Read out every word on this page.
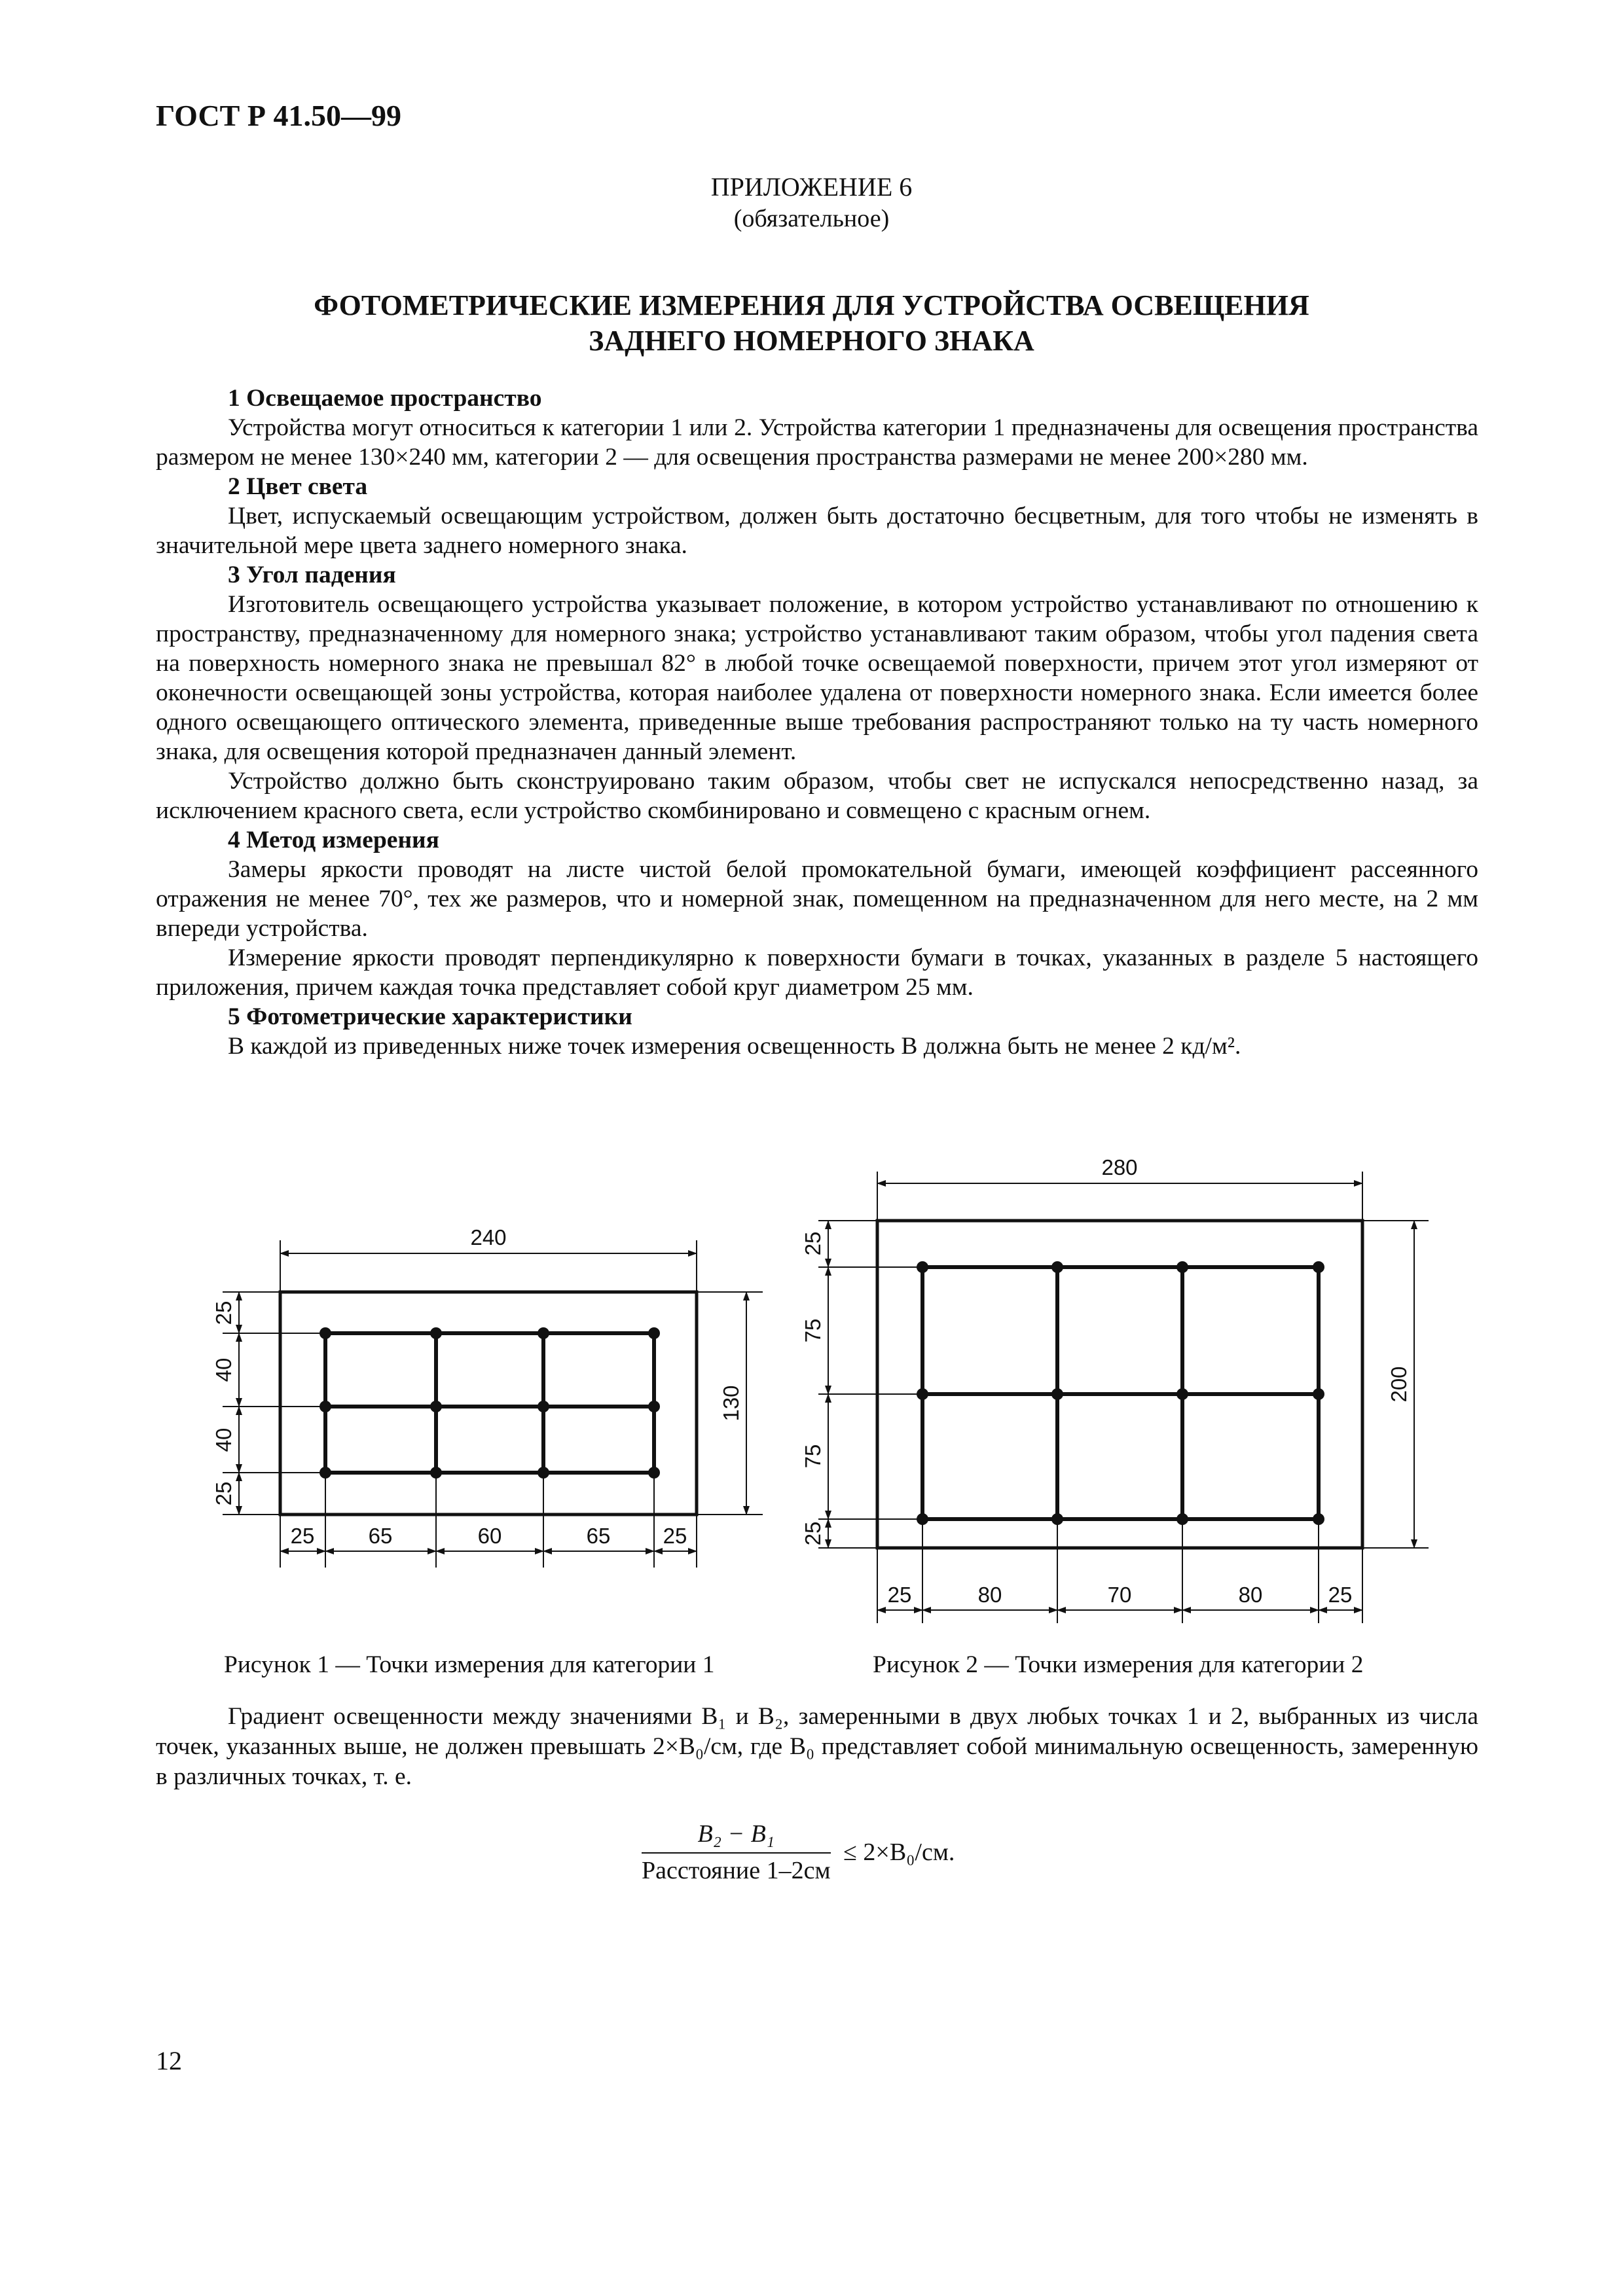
ГОСТ Р 41.50—99
ПРИЛОЖЕНИЕ 6
(обязательное)
ФОТОМЕТРИЧЕСКИЕ ИЗМЕРЕНИЯ ДЛЯ УСТРОЙСТВА ОСВЕЩЕНИЯ
ЗАДНЕГО НОМЕРНОГО ЗНАКА

1 Освещаемое пространство

Устройства могут относиться к категории 1 или 2. Устройства категории 1 предназначены для освещения пространства размером не менее 130×240 мм, категории 2 — для освещения пространства размерами не менее 200×280 мм.

2 Цвет света

Цвет, испускаемый освещающим устройством, должен быть достаточно бесцветным, для того чтобы не изменять в значительной мере цвета заднего номерного знака.

3 Угол падения

Изготовитель освещающего устройства указывает положение, в котором устройство устанавливают по отношению к пространству, предназначенному для номерного знака; устройство устанавливают таким образом, чтобы угол падения света на поверхность номерного знака не превышал 82° в любой точке освещаемой поверхности, причем этот угол измеряют от оконечности освещающей зоны устройства, которая наиболее удалена от поверхности номерного знака. Если имеется более одного освещающего оптического элемента, приведенные выше требования распространяют только на ту часть номерного знака, для освещения которой предназначен данный элемент.

Устройство должно быть сконструировано таким образом, чтобы свет не испускался непосредственно назад, за исключением красного света, если устройство скомбинировано и совмещено с красным огнем.

4 Метод измерения

Замеры яркости проводят на листе чистой белой промокательной бумаги, имеющей коэффициент рассеянного отражения не менее 70°, тех же размеров, что и номерной знак, помещенном на предназначенном для него месте, на 2 мм впереди устройства.

Измерение яркости проводят перпендикулярно к поверхности бумаги в точках, указанных в разделе 5 настоящего приложения, причем каждая точка представляет собой круг диаметром 25 мм.

5 Фотометрические характеристики

В каждой из приведенных ниже точек измерения освещенность B должна быть не менее 2 кд/м².

240
130
25
40
40
25
25 65	60	65 25
280
200
25
75
75
25
25	80	70	80	25
Рисунок 1 — Точки измерения для категории 1	Рисунок 2 — Точки измерения для категории 2

Градиент освещенности между значениями B₁ и B₂, замеренными в двух любых точках 1 и 2, выбранных из числа точек, указанных выше, не должен превышать 2×B₀/см, где B₀ представляет собой минимальную освещенность, замеренную в различных точках, т. е.

$\frac{\text{B₂ − B₁}}{\text{Расстояние 1–2см}} \le 2\times B_0/см$.
12
